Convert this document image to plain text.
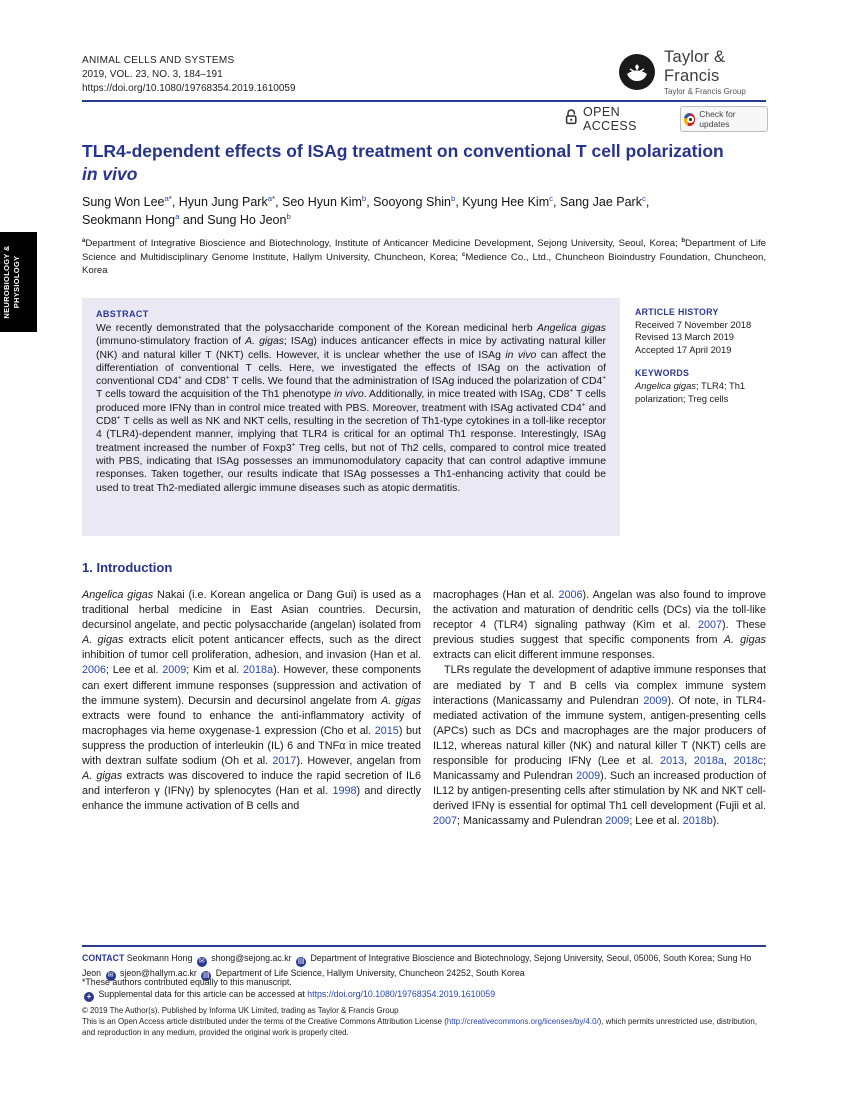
ANIMAL CELLS AND SYSTEMS
2019, VOL. 23, NO. 3, 184–191
https://doi.org/10.1080/19768354.2019.1610059
Taylor & Francis
Taylor & Francis Group
OPEN ACCESS
Check for updates
TLR4-dependent effects of ISAg treatment on conventional T cell polarization
in vivo
Sung Won Lee$^{a*}$, Hyun Jung Park$^{a*}$, Seo Hyun Kim$^b$, Sooyong Shin$^b$, Kyung Hee Kim$^c$, Sang Jae Park$^c$,
Seokmann Hong$^a$ and Sung Ho Jeon$^b$
$^a$Department of Integrative Bioscience and Biotechnology, Institute of Anticancer Medicine Development, Sejong University, Seoul, Korea; $^b$Department of Life Science and Multidisciplinary Genome Institute, Hallym University, Chuncheon, Korea; $^c$Medience Co., Ltd., Chuncheon Bioindustry Foundation, Chuncheon, Korea
NEUROBIOLOGY & PHYSIOLOGY
ABSTRACT
We recently demonstrated that the polysaccharide component of the Korean medicinal herb Angelica gigas (immuno-stimulatory fraction of A. gigas; ISAg) induces anticancer effects in mice by activating natural killer (NK) and natural killer T (NKT) cells. However, it is unclear whether the use of ISAg in vivo can affect the differentiation of conventional T cells. Here, we investigated the effects of ISAg on the activation of conventional CD4+ and CD8+ T cells. We found that the administration of ISAg induced the polarization of CD4+ T cells toward the acquisition of the Th1 phenotype in vivo. Additionally, in mice treated with ISAg, CD8+ T cells produced more IFNγ than in control mice treated with PBS. Moreover, treatment with ISAg activated CD4+ and CD8+ T cells as well as NK and NKT cells, resulting in the secretion of Th1-type cytokines in a toll-like receptor 4 (TLR4)-dependent manner, implying that TLR4 is critical for an optimal Th1 response. Interestingly, ISAg treatment increased the number of Foxp3+ Treg cells, but not of Th2 cells, compared to control mice treated with PBS, indicating that ISAg possesses an immunomodulatory capacity that can control adaptive immune responses. Taken together, our results indicate that ISAg possesses a Th1-enhancing activity that could be used to treat Th2-mediated allergic immune diseases such as atopic dermatitis.
ARTICLE HISTORY
Received 7 November 2018
Revised 13 March 2019
Accepted 17 April 2019
KEYWORDS
Angelica gigas; TLR4; Th1 polarization; Treg cells
1. Introduction

Angelica gigas Nakai (i.e. Korean angelica or Dang Gui) is used as a traditional herbal medicine in East Asian countries. Decursin, decursinol angelate, and pectic polysaccharide (angelan) isolated from A. gigas extracts elicit potent anticancer effects, such as the direct inhibition of tumor cell proliferation, adhesion, and invasion (Han et al. 2006; Lee et al. 2009; Kim et al. 2018a). However, these components can exert different immune responses (suppression and activation of the immune system). Decursin and decursinol angelate from A. gigas extracts were found to enhance the anti-inflammatory activity of macrophages via heme oxygenase-1 expression (Cho et al. 2015) but suppress the production of interleukin (IL) 6 and TNFα in mice treated with dextran sulfate sodium (Oh et al. 2017). However, angelan from A. gigas extracts was discovered to induce the rapid secretion of IL6 and interferon γ (IFNγ) by splenocytes (Han et al. 1998) and directly enhance the immune activation of B cells and

macrophages (Han et al. 2006). Angelan was also found to improve the activation and maturation of dendritic cells (DCs) via the toll-like receptor 4 (TLR4) signaling pathway (Kim et al. 2007). These previous studies suggest that specific components from A. gigas extracts can elicit different immune responses.

TLRs regulate the development of adaptive immune responses that are mediated by T and B cells via complex immune system interactions (Manicassamy and Pulendran 2009). Of note, in TLR4-mediated activation of the immune system, antigen-presenting cells (APCs) such as DCs and macrophages are the major producers of IL12, whereas natural killer (NK) and natural killer T (NKT) cells are responsible for producing IFNγ (Lee et al. 2013, 2018a, 2018c; Manicassamy and Pulendran 2009). Such an increased production of IL12 by antigen-presenting cells after stimulation by NK and NKT cell-derived IFNγ is essential for optimal Th1 cell development (Fujii et al. 2007; Manicassamy and Pulendran 2009; Lee et al. 2018b).

CONTACT Seokmann Hong ✉ shong@sejong.ac.kr ▤ Department of Integrative Bioscience and Biotechnology, Sejong University, Seoul, 05006, South Korea; Sung Ho Jeon ✉ sjeon@hallym.ac.kr ▤ Department of Life Science, Hallym University, Chuncheon 24252, South Korea
*These authors contributed equally to this manuscript.
+ Supplemental data for this article can be accessed at https://doi.org/10.1080/19768354.2019.1610059
© 2019 The Author(s). Published by Informa UK Limited, trading as Taylor & Francis Group
This is an Open Access article distributed under the terms of the Creative Commons Attribution License (http://creativecommons.org/licenses/by/4.0/), which permits unrestricted use, distribution, and reproduction in any medium, provided the original work is properly cited.
